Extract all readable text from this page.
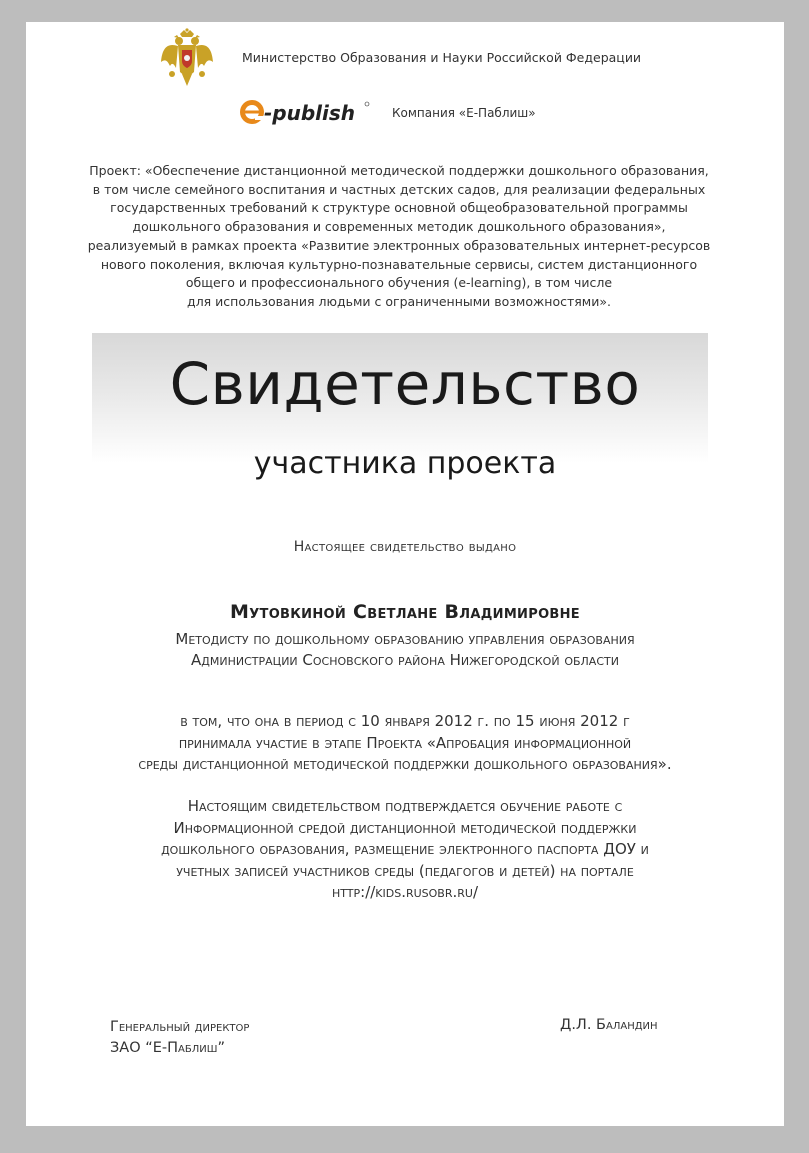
Министерство Образования и Науки Российской Федерации
-publish	Компания «Е-Паблиш»
Проект: «Обеспечение дистанционной методической поддержки дошкольного образования,
в том числе семейного воспитания и частных детских садов, для реализации федеральных
государственных требований к структуре основной общеобразовательной программы
дошкольного образования и современных методик дошкольного образования»,
реализуемый в рамках проекта «Развитие электронных образовательных интернет-ресурсов
нового поколения, включая культурно-познавательные сервисы, систем дистанционного
общего и профессионального обучения (e-learning), в том числе
для использования людьми с ограниченными возможностями».
Свидетельство
участника проекта
Настоящее свидетельство выдано
Мутовкиной Светлане Владимировне
Методисту по дошкольному образованию управления образования
Администрации Сосновского района Нижегородской области
в том, что она в период с 10 января 2012 г. по 15 июня 2012 г
принимала участие в этапе Проекта «Апробация информационной
среды дистанционной методической поддержки дошкольного образования».
Настоящим свидетельством подтверждается обучение работе с
Информационной средой дистанционной методической поддержки
дошкольного образования, размещение электронного паспорта ДОУ и
учетных записей участников среды (педагогов и детей) на портале
http://kids.rusobr.ru/
Генеральный директор
ЗАО “Е-Паблиш”
Д.Л. Баландин
